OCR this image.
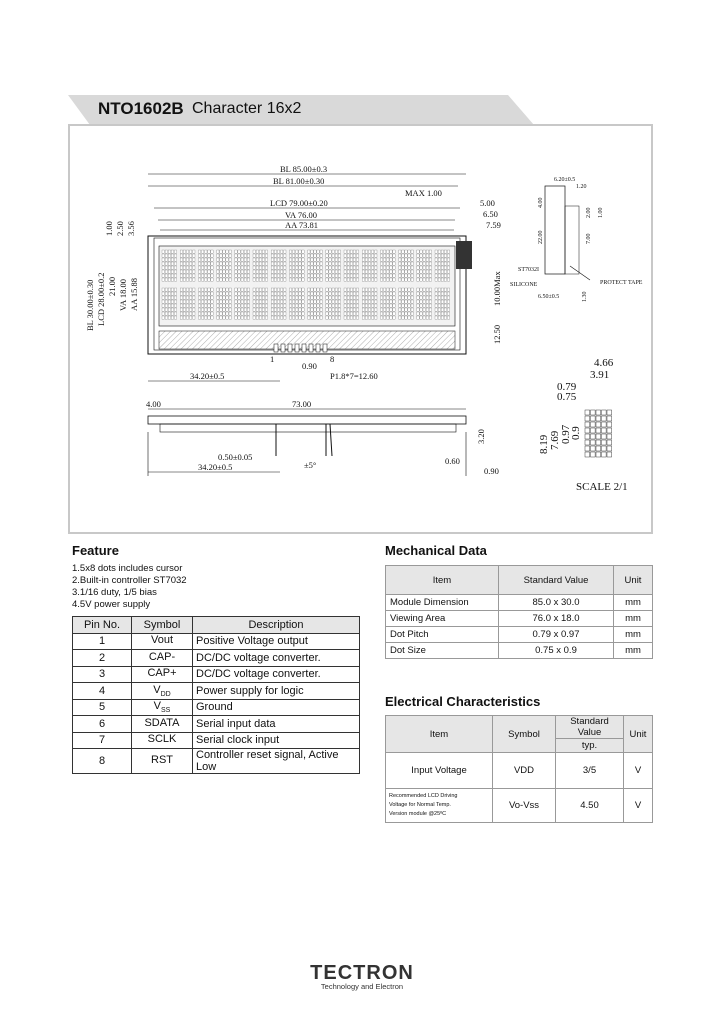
NTO1602B Character 16x2
BL 85.00±0.3
BL 81.00±0.30
MAX 1.00
LCD 79.00±0.20
VA 76.00
AA 73.81
5.00
6.50
7.59
1.00 2.50 3.56
BL 30.00±0.30 LCD 28.00±0.2 21.00 VA 18.00 AA 15.88	10.00Max
12.50
1	8
0.90
34.20±0.5	P1.8*7=12.60
4.00	73.00
3.20
0.50±0.05	0.60
34.20±0.5	0.90
±5°
6.20±0.5
1.20
4.00
2.00 1.00
22.00	7.00
ST7032I
SILICONE	PROTECT TAPE
6.50±0.5	1.30
4.66
3.91
0.79
0.75
8.19 7.69 0.97
0.9
SCALE 2/1
Feature
1.5x8 dots includes cursor
2.Built-in controller ST7032
3.1/16 duty, 1/5 bias
4.5V power supply
Pin No.	Symbol	Description
1	Vout	Positive Voltage output
2	CAP-	DC/DC voltage converter.
3	CAP+	DC/DC voltage converter.
4	$V_{DD}$	Power supply for logic
5	$V_{SS}$	Ground
6	SDATA	Serial input data
7	SCLK	Serial clock input
8	RST	Controller reset signal, Active Low
Mechanical Data
Item	Standard Value	Unit
Module Dimension	85.0 x 30.0	mm
Viewing Area	76.0 x 18.0	mm
Dot Pitch	0.79 x 0.97	mm
Dot Size	0.75 x 0.9	mm
Electrical Characteristics
Item	Symbol	Standard Value	Unit
		typ.	
Input Voltage	VDD	3/5	V

Recommended LCD Driving
Voltage for Normal Temp.
Version module @25ºC	Vo-Vss	4.50	V
TECTRON
Technology and Electron
